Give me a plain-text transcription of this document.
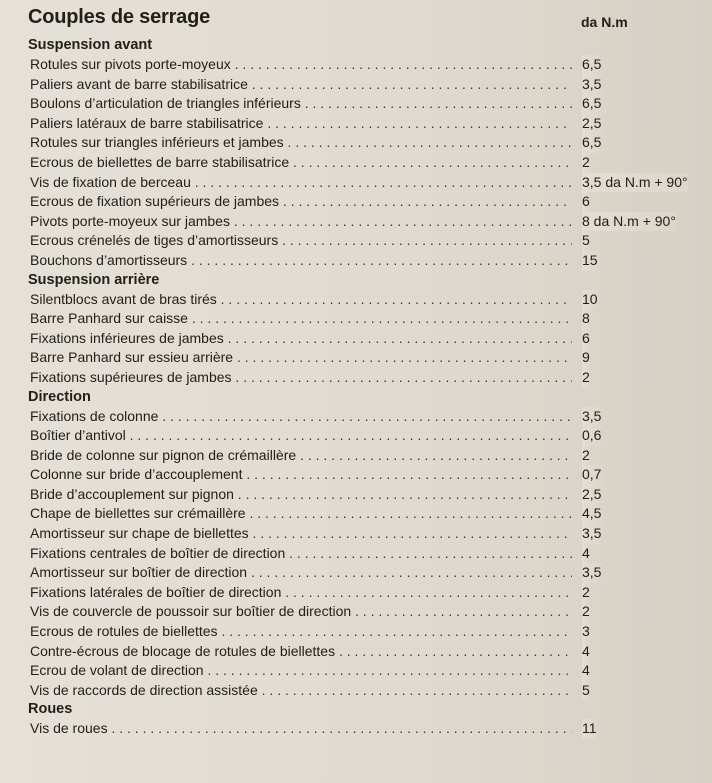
Couples de serrage	da N.m
Suspension avant
Rotules sur pivots porte-moyeux . . .	6,5
Paliers avant de barre stabilisatrice . . .	3,5
Boulons d’articulation de triangles inférieurs . . .	6,5
Paliers latéraux de barre stabilisatrice . . .	2,5
Rotules sur triangles inférieurs et jambes . . .	6,5
Ecrous de biellettes de barre stabilisatrice . . .	2
Vis de fixation de berceau . . .	3,5 da N.m + 90°
Ecrous de fixation supérieurs de jambes . . .	6
Pivots porte-moyeux sur jambes . . .	8 da N.m + 90°
Ecrous crénelés de tiges d’amortisseurs . . .	5
Bouchons d’amortisseurs . . .	15
Suspension arrière
Silentblocs avant de bras tirés . . .	10
Barre Panhard sur caisse . . .	8
Fixations inférieures de jambes . . .	6
Barre Panhard sur essieu arrière . . .	9
Fixations supérieures de jambes . . .	2
Direction
Fixations de colonne . . .	3,5
Boîtier d’antivol . . .	0,6
Bride de colonne sur pignon de crémaillère . . .	2
Colonne sur bride d’accouplement . . .	0,7
Bride d’accouplement sur pignon . . .	2,5
Chape de biellettes sur crémaillère . . .	4,5
Amortisseur sur chape de biellettes . . .	3,5
Fixations centrales de boîtier de direction . . .	4
Amortisseur sur boîtier de direction . . .	3,5
Fixations latérales de boîtier de direction . . .	2
Vis de couvercle de poussoir sur boîtier de direction . . .	2
Ecrous de rotules de biellettes . . .	3
Contre-écrous de blocage de rotules de biellettes . . .	4
Ecrou de volant de direction . . .	4
Vis de raccords de direction assistée . . .	5
Roues
Vis de roues . . .	11
